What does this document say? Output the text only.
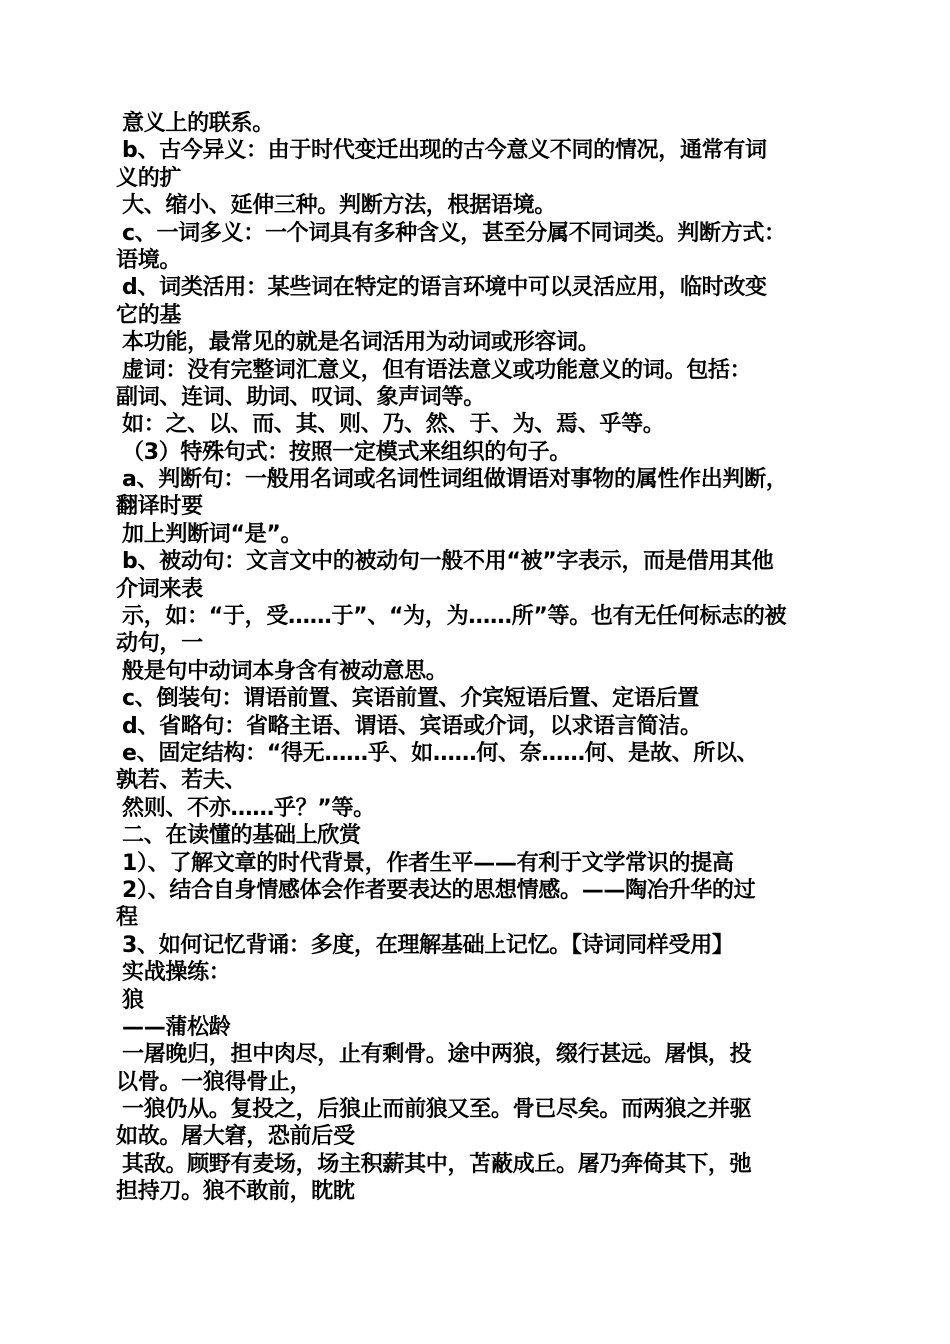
意义上的联系。
b、古今异义：由于时代变迁出现的古今意义不同的情况，通常有词
义的扩
大、缩小、延伸三种。判断方法，根据语境。
c、一词多义：一个词具有多种含义，甚至分属不同词类。判断方式：
语境。
d、词类活用：某些词在特定的语言环境中可以灵活应用，临时改变
它的基
本功能，最常见的就是名词活用为动词或形容词。
虚词：没有完整词汇意义，但有语法意义或功能意义的词。包括：
副词、连词、助词、叹词、象声词等。
如：之、以、而、其、则、乃、然、于、为、焉、乎等。
（3）特殊句式：按照一定模式来组织的句子。
a、判断句：一般用名词或名词性词组做谓语对事物的属性作出判断，
翻译时要
加上判断词“是”。
b、被动句：文言文中的被动句一般不用“被”字表示，而是借用其他
介词来表
示，如：“于，受……于”、“为，为……所”等。也有无任何标志的被
动句，一
般是句中动词本身含有被动意思。
c、倒装句：谓语前置、宾语前置、介宾短语后置、定语后置
d、省略句：省略主语、谓语、宾语或介词，以求语言简洁。
e、固定结构：“得无……乎、如……何、奈……何、是故、所以、
孰若、若夫、
然则、不亦……乎？”等。
二、在读懂的基础上欣赏
1）、了解文章的时代背景，作者生平——有利于文学常识的提高
2）、结合自身情感体会作者要表达的思想情感。——陶冶升华的过
程
3、如何记忆背诵：多度，在理解基础上记忆。【诗词同样受用】
实战操练：
狼
——蒲松龄
一屠晚归，担中肉尽，止有剩骨。途中两狼，缀行甚远。屠惧，投
以骨。一狼得骨止，
一狼仍从。复投之，后狼止而前狼又至。骨已尽矣。而两狼之并驱
如故。屠大窘，恐前后受
其敌。顾野有麦场，场主积薪其中，苫蔽成丘。屠乃奔倚其下，弛
担持刀。狼不敢前，眈眈
